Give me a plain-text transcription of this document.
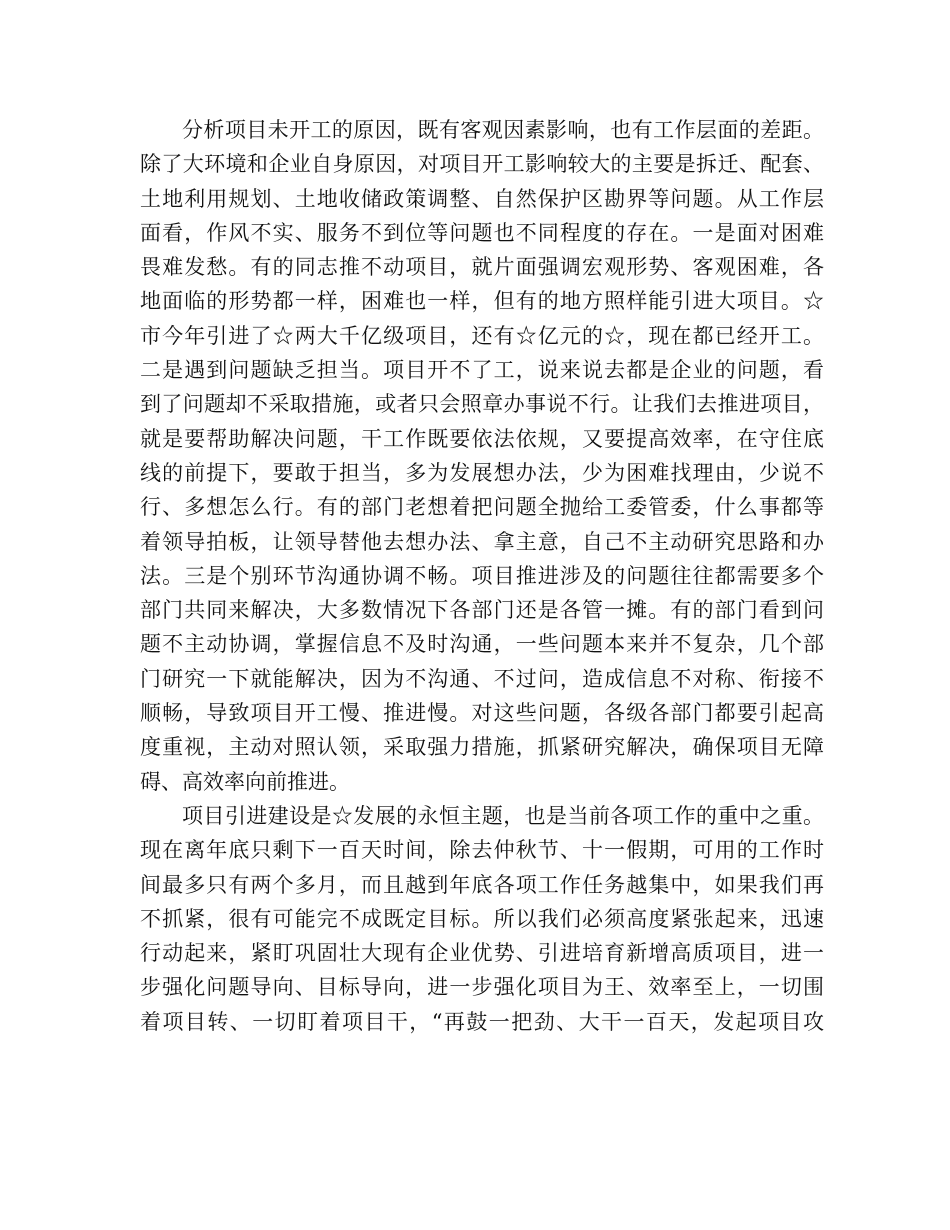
分析项目未开工的原因，既有客观因素影响，也有工作层面的差距。
除了大环境和企业自身原因，对项目开工影响较大的主要是拆迁、配套、
土地利用规划、土地收储政策调整、自然保护区勘界等问题。从工作层
面看，作风不实、服务不到位等问题也不同程度的存在。一是面对困难
畏难发愁。有的同志推不动项目，就片面强调宏观形势、客观困难，各
地面临的形势都一样，困难也一样，但有的地方照样能引进大项目。☆
市今年引进了☆两大千亿级项目，还有☆亿元的☆，现在都已经开工。
二是遇到问题缺乏担当。项目开不了工，说来说去都是企业的问题，看
到了问题却不采取措施，或者只会照章办事说不行。让我们去推进项目，
就是要帮助解决问题，干工作既要依法依规，又要提高效率，在守住底
线的前提下，要敢于担当，多为发展想办法，少为困难找理由，少说不
行、多想怎么行。有的部门老想着把问题全抛给工委管委，什么事都等
着领导拍板，让领导替他去想办法、拿主意，自己不主动研究思路和办
法。三是个别环节沟通协调不畅。项目推进涉及的问题往往都需要多个
部门共同来解决，大多数情况下各部门还是各管一摊。有的部门看到问
题不主动协调，掌握信息不及时沟通，一些问题本来并不复杂，几个部
门研究一下就能解决，因为不沟通、不过问，造成信息不对称、衔接不
顺畅，导致项目开工慢、推进慢。对这些问题，各级各部门都要引起高
度重视，主动对照认领，采取强力措施，抓紧研究解决，确保项目无障
碍、高效率向前推进。
项目引进建设是☆发展的永恒主题，也是当前各项工作的重中之重。
现在离年底只剩下一百天时间，除去仲秋节、十一假期，可用的工作时
间最多只有两个多月，而且越到年底各项工作任务越集中，如果我们再
不抓紧，很有可能完不成既定目标。所以我们必须高度紧张起来，迅速
行动起来，紧盯巩固壮大现有企业优势、引进培育新增高质项目，进一
步强化问题导向、目标导向，进一步强化项目为王、效率至上，一切围
着项目转、一切盯着项目干，“再鼓一把劲、大干一百天，发起项目攻
